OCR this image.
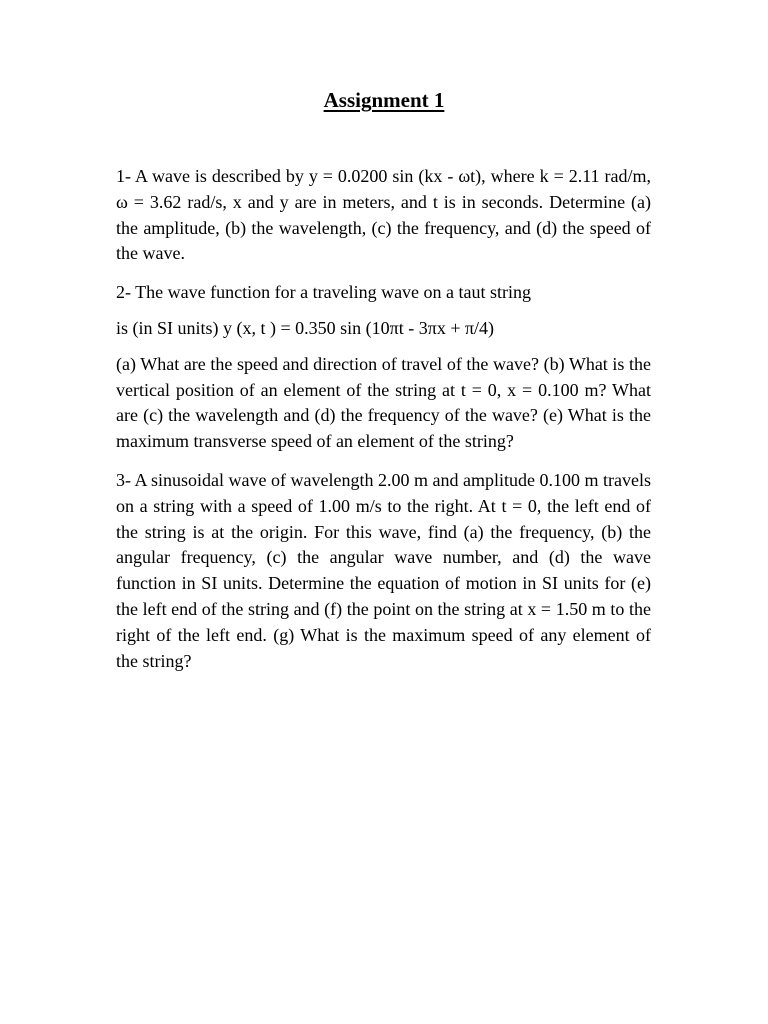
Assignment 1

1- A wave is described by y = 0.0200 sin (kx - ωt), where k = 2.11 rad/m, ω = 3.62 rad/s, x and y are in meters, and t is in seconds. Determine (a) the amplitude, (b) the wavelength, (c) the frequency, and (d) the speed of the wave.

2- The wave function for a traveling wave on a taut string

is (in SI units) y (x, t ) = 0.350 sin (10πt - 3πx + π/4)

(a) What are the speed and direction of travel of the wave? (b) What is the vertical position of an element of the string at t = 0, x = 0.100 m? What are (c) the wavelength and (d) the frequency of the wave? (e) What is the maximum transverse speed of an element of the string?

3- A sinusoidal wave of wavelength 2.00 m and amplitude 0.100 m travels on a string with a speed of 1.00 m/s to the right. At t = 0, the left end of the string is at the origin. For this wave, find (a) the frequency, (b) the angular frequency, (c) the angular wave number, and (d) the wave function in SI units. Determine the equation of motion in SI units for (e) the left end of the string and (f) the point on the string at x = 1.50 m to the right of the left end. (g) What is the maximum speed of any element of the string?
